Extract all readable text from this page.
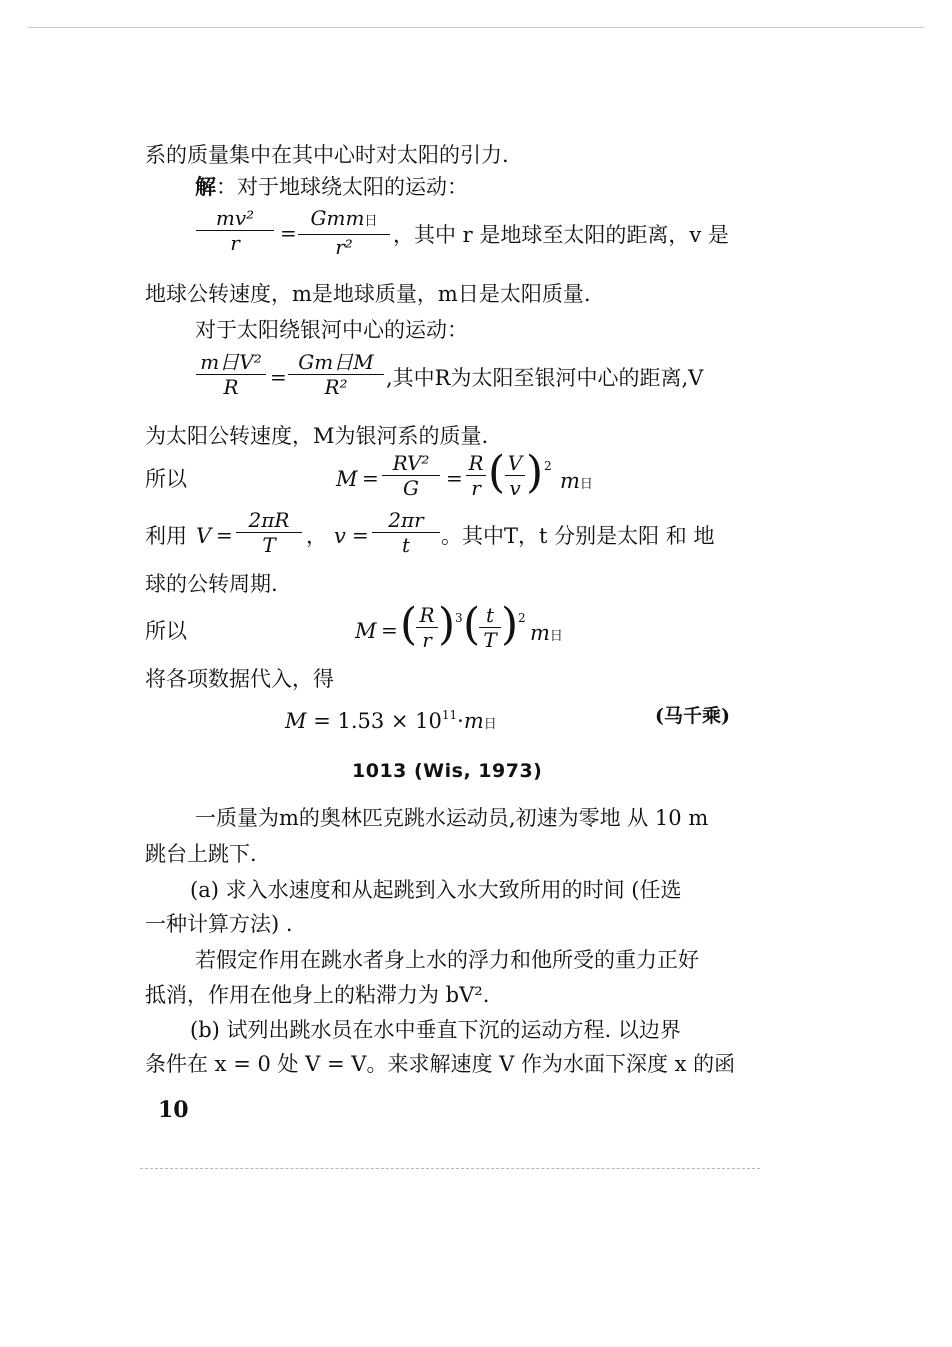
系的质量集中在其中心时对太阳的引力.
解：对于地球绕太阳的运动：
mv²
r	=
Gmm日
r²	，其中 r 是地球至太阳的距离，v 是
地球公转速度，m是地球质量，m日是太阳质量.
对于太阳绕银河中心的运动：
m日V²
R	=
Gm日M
R²	,其中R为太阳至银河中心的距离,V
为太阳公转速度，M为银河系的质量.
所以	M =
RV²
G	=
R
r ( V
v ) 2
m日
利用 V =
2πR
T	， v =
2πr
t	。其中T，t 分别是太阳 和 地
球的公转周期.
所以	M = ( R
r ) 3 ( t
T ) 2
m日
将各项数据代入，得
$M = 1.53 \times 10^{11}\cdot m$日	(马千乘)
1013 (Wis, 1973)
一质量为m的奥林匹克跳水运动员,初速为零地 从 10 m
跳台上跳下.
(a) 求入水速度和从起跳到入水大致所用的时间 (任选
一种计算方法) .
若假定作用在跳水者身上水的浮力和他所受的重力正好
抵消，作用在他身上的粘滞力为 bV².
(b) 试列出跳水员在水中垂直下沉的运动方程. 以边界
条件在 x = 0 处 V = V。来求解速度 V 作为水面下深度 x 的函
10
